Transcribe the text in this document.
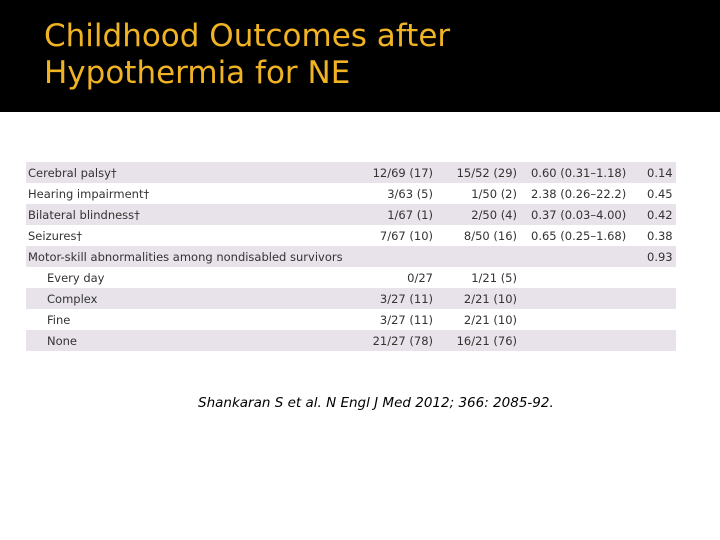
Childhood Outcomes after
Hypothermia for NE
Cerebral palsy†	12/69 (17)	15/52 (29)	0.60 (0.31–1.18)	0.14
Hearing impairment†	3/63 (5)	1/50 (2)	2.38 (0.26–22.2)	0.45
Bilateral blindness†	1/67 (1)	2/50 (4)	0.37 (0.03–4.00)	0.42
Seizures†	7/67 (10)	8/50 (16)	0.65 (0.25–1.68)	0.38
Motor-skill abnormalities among nondisabled survivors				0.93
Every day	0/27	1/21 (5)		
Complex	3/27 (11)	2/21 (10)		
Fine	3/27 (11)	2/21 (10)		
None	21/27 (78)	16/21 (76)		
Shankaran S et al. N Engl J Med 2012; 366: 2085-92.
